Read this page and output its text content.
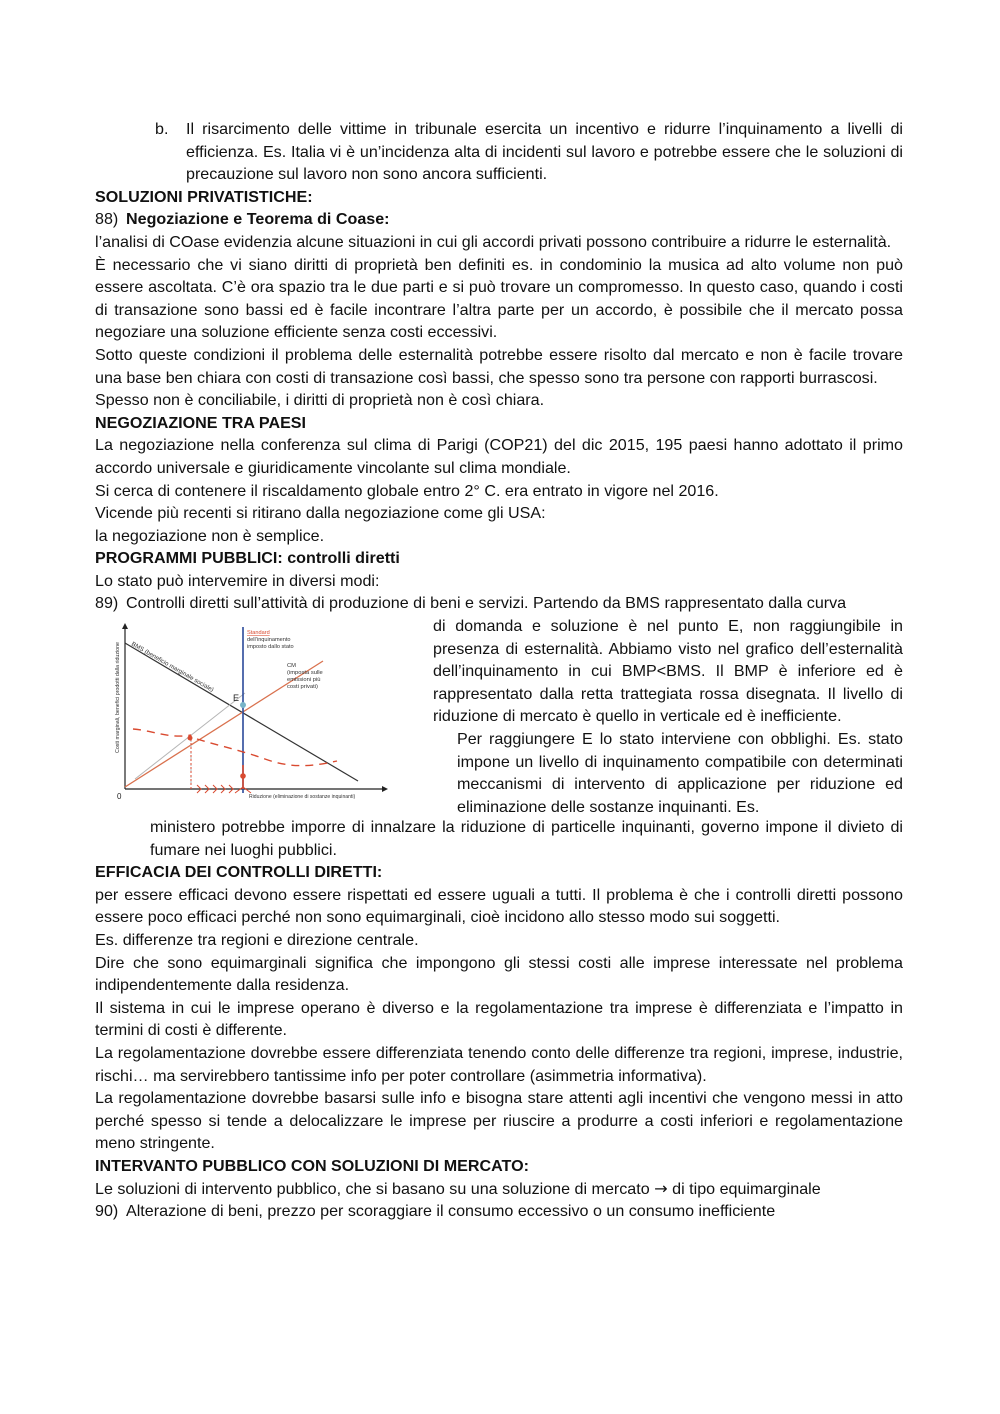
b. Il risarcimento delle vittime in tribunale esercita un incentivo e ridurre l’inquinamento a livelli di efficienza. Es. Italia vi è un’incidenza alta di incidenti sul lavoro e potrebbe essere che le soluzioni di precauzione sul lavoro non sono ancora sufficienti.
SOLUZIONI PRIVATISTICHE:
88) Negoziazione e Teorema di Coase:
l’analisi di COase evidenzia alcune situazioni in cui gli accordi privati possono contribuire a ridurre le esternalità.
È necessario che vi siano diritti di proprietà ben definiti es. in condominio la musica ad alto volume non può essere ascoltata. C’è ora spazio tra le due parti e si può trovare un compromesso. In questo caso, quando i costi di transazione sono bassi ed è facile incontrare l’altra parte per un accordo, è possibile che il mercato possa negoziare una soluzione efficiente senza costi eccessivi.
Sotto queste condizioni il problema delle esternalità potrebbe essere risolto dal mercato e non è facile trovare una base ben chiara con costi di transazione così bassi, che spesso sono tra persone con rapporti burrascosi.
Spesso non è conciliabile, i diritti di proprietà non è così chiara.
NEGOZIAZIONE TRA PAESI
La negoziazione nella conferenza sul clima di Parigi (COP21) del dic 2015, 195 paesi hanno adottato il primo accordo universale e giuridicamente vincolante sul clima mondiale.
Si cerca di contenere il riscaldamento globale entro 2° C. era entrato in vigore nel 2016.
Vicende più recenti si ritirano dalla negoziazione come gli USA:
la negoziazione non è semplice.
PROGRAMMI PUBBLICI: controlli diretti
Lo stato può intervemire in diversi modi:
89) Controlli diretti sull’attività di produzione di beni e servizi. Partendo da BMS rappresentato dalla curva
E
Costi marginali, benefici prodotti dalla riduzione BMS (beneficio marginale sociale)
Standard
dell’inquinamento
imposto dallo stato
CM
(imposta sulle
emissioni più
costi privati)
0	Riduzione (eliminazione di sostanze inquinanti)
di domanda e soluzione è nel punto E, non raggiungibile in presenza di esternalità. Abbiamo visto nel grafico dell’esternalità dell’inquinamento in cui BMP<BMS. Il BMP è inferiore ed è rappresentato dalla retta trattegiata rossa disegnata. Il livello di riduzione di mercato è quello in verticale ed è inefficiente.
Per raggiungere E lo stato interviene con obblighi. Es. stato impone un livello di inquinamento compatibile con determinati meccanismi di intervento di applicazione per riduzione ed eliminazione delle sostanze inquinanti. Es.
ministero potrebbe imporre di innalzare la riduzione di particelle inquinanti, governo impone il divieto di fumare nei luoghi pubblici.
EFFICACIA DEI CONTROLLI DIRETTI:
per essere efficaci devono essere rispettati ed essere uguali a tutti. Il problema è che i controlli diretti possono essere poco efficaci perché non sono equimarginali, cioè incidono allo stesso modo sui soggetti.
Es. differenze tra regioni e direzione centrale.
Dire che sono equimarginali significa che impongono gli stessi costi alle imprese interessate nel problema indipendentemente dalla residenza.
Il sistema in cui le imprese operano è diverso e la regolamentazione tra imprese è differenziata e l’impatto in termini di costi è differente.
La regolamentazione dovrebbe essere differenziata tenendo conto delle differenze tra regioni, imprese, industrie, rischi… ma servirebbero tantissime info per poter controllare (asimmetria informativa).
La regolamentazione dovrebbe basarsi sulle info e bisogna stare attenti agli incentivi che vengono messi in atto perché spesso si tende a delocalizzare le imprese per riuscire a produrre a costi inferiori e regolamentazione meno stringente.
INTERVANTO PUBBLICO CON SOLUZIONI DI MERCATO:
Le soluzioni di intervento pubblico, che si basano su una soluzione di mercato → di tipo equimarginale
90) Alterazione di beni, prezzo per scoraggiare il consumo eccessivo o un consumo inefficiente
